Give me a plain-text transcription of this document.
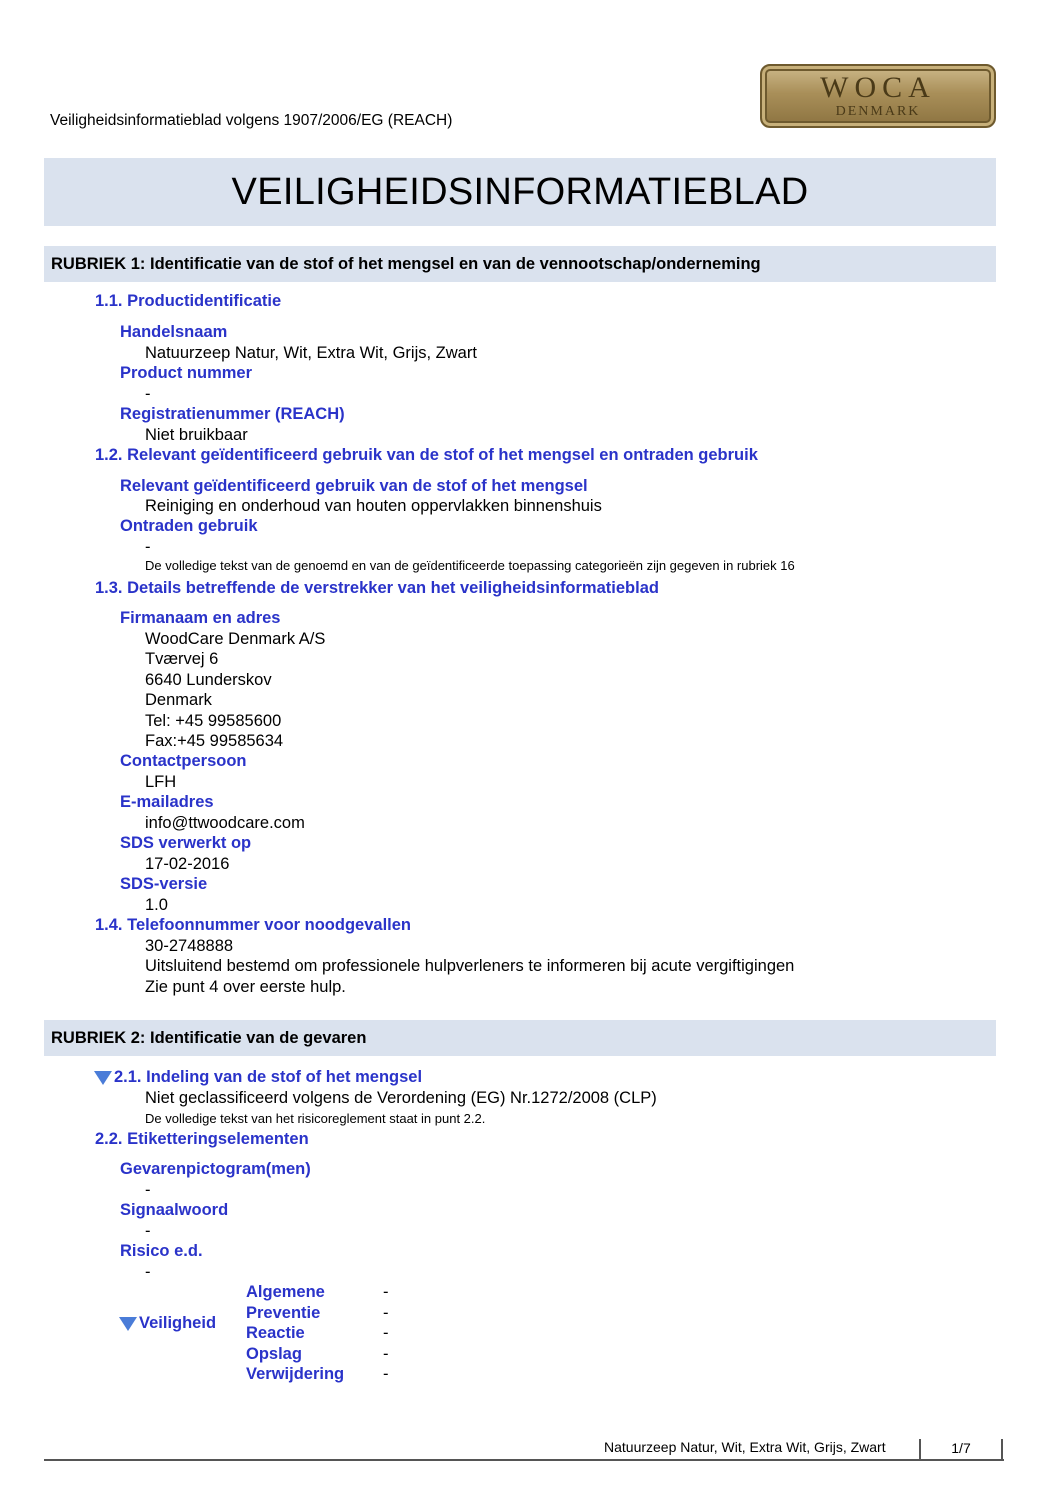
Veiligheidsinformatieblad volgens 1907/2006/EG (REACH)
WOCA
DENMARK
VEILIGHEIDSINFORMATIEBLAD
RUBRIEK 1: Identificatie van de stof of het mengsel en van de vennootschap/onderneming
1.1. Productidentificatie
Handelsnaam
Natuurzeep Natur, Wit, Extra Wit, Grijs, Zwart
Product nummer
-
Registratienummer (REACH)
Niet bruikbaar
1.2. Relevant geïdentificeerd gebruik van de stof of het mengsel en ontraden gebruik
Relevant geïdentificeerd gebruik van de stof of het mengsel
Reiniging en onderhoud van houten oppervlakken binnenshuis
Ontraden gebruik
-
De volledige tekst van de genoemd en van de geïdentificeerde toepassing categorieën zijn gegeven in rubriek 16
1.3. Details betreffende de verstrekker van het veiligheidsinformatieblad
Firmanaam en adres
WoodCare Denmark A/S
Tværvej 6
6640 Lunderskov
Denmark
Tel: +45 99585600
Fax:+45 99585634
Contactpersoon
LFH
E-mailadres
info@ttwoodcare.com
SDS verwerkt op
17-02-2016
SDS-versie
1.0
1.4. Telefoonnummer voor noodgevallen
30-2748888
Uitsluitend bestemd om professionele hulpverleners te informeren bij acute vergiftigingen
Zie punt 4 over eerste hulp.
RUBRIEK 2: Identificatie van de gevaren
2.1. Indeling van de stof of het mengsel
Niet geclassificeerd volgens de Verordening (EG) Nr.1272/2008 (CLP)
De volledige tekst van het risicoreglement staat in punt 2.2.
2.2. Etiketteringselementen
Gevarenpictogram(men)
-
Signaalwoord
-
Risico e.d.
-
Veiligheid
Algemene	-
Preventie	-
Reactie	-
Opslag	-
Verwijdering -
Natuurzeep Natur, Wit, Extra Wit, Grijs, Zwart	1/7
